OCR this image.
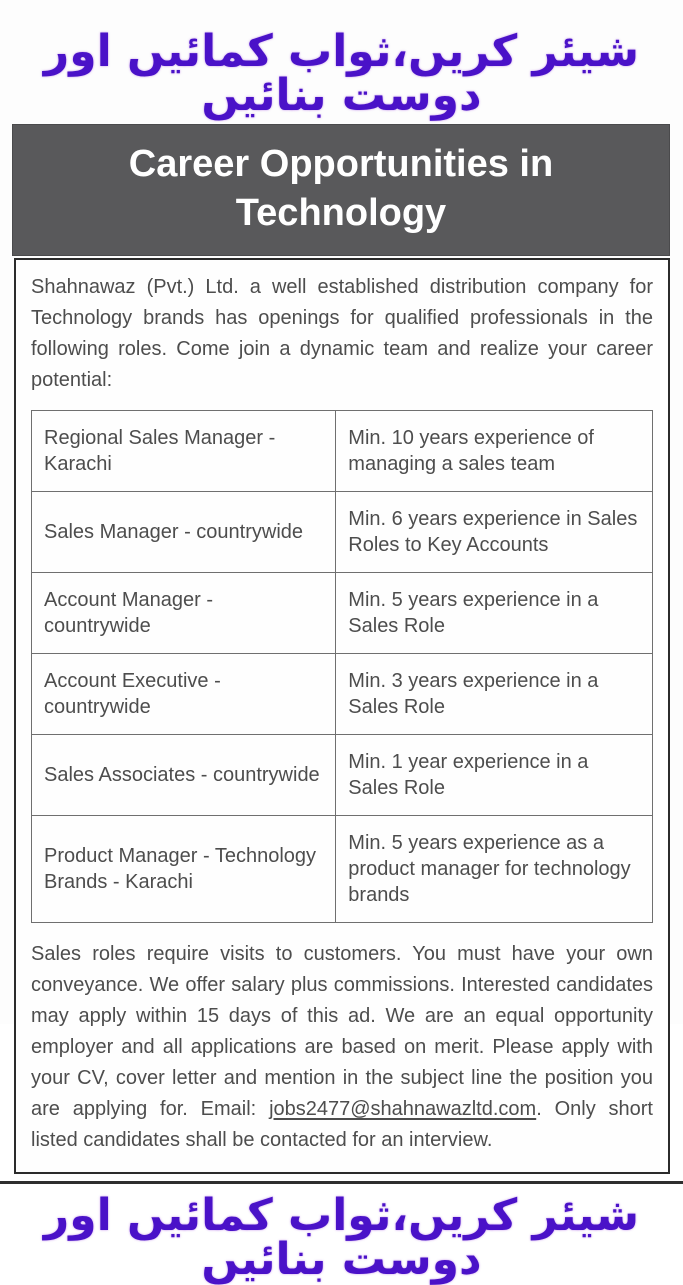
شیئر کریں،ثواب کمائیں اور دوست بنائیں
Career Opportunities in Technology

Shahnawaz (Pvt.) Ltd. a well established distribution company for Technology brands has openings for qualified professionals in the following roles. Come join a dynamic team and realize your career potential:

Regional Sales Manager - Karachi	Min. 10 years experience of managing a sales team
Sales Manager - countrywide	Min. 6 years experience in Sales Roles to Key Accounts
Account Manager - countrywide	Min. 5 years experience in a Sales Role
Account Executive - countrywide	Min. 3 years experience in a Sales Role
Sales Associates - countrywide	Min. 1 year experience in a Sales Role
Product Manager - Technology Brands - Karachi	Min. 5 years experience as a product manager for technology brands

Sales roles require visits to customers. You must have your own conveyance. We offer salary plus commissions. Interested candidates may apply within 15 days of this ad. We are an equal opportunity employer and all applications are based on merit. Please apply with your CV, cover letter and mention in the subject line the position you are applying for. Email: jobs2477@shahnawazltd.com. Only short listed candidates shall be contacted for an interview.

شیئر کریں،ثواب کمائیں اور دوست بنائیں
